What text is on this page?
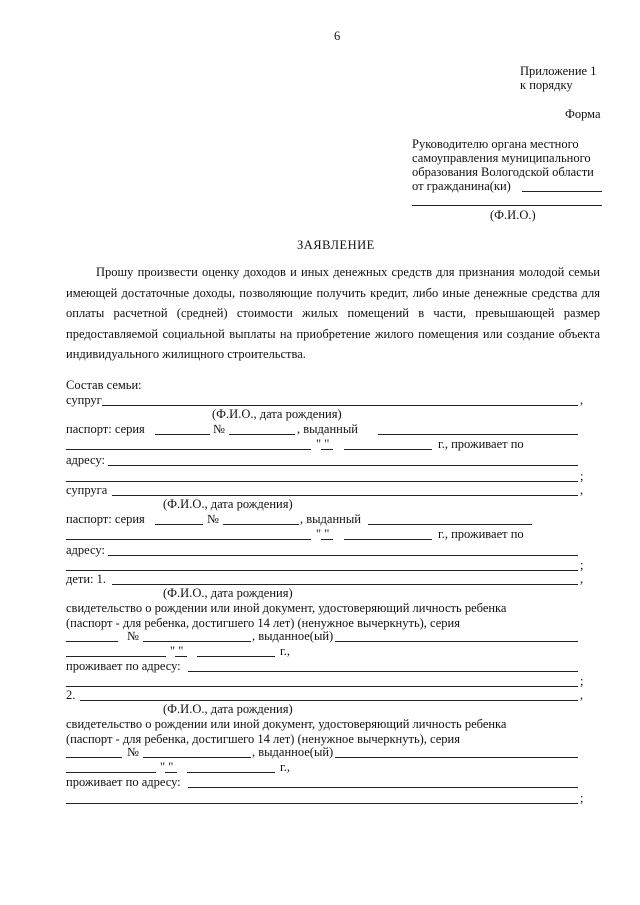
6
Приложение 1
к порядку
Форма
Руководителю органа местного
самоуправления муниципального
образования Вологодской области
от гражданина(ки)
(Ф.И.О.)
ЗАЯВЛЕНИЕ
Прошу произвести оценку доходов и иных денежных средств для признания молодой семьи имеющей достаточные доходы, позволяющие получить кредит, либо иные денежные средства для оплаты расчетной (средней) стоимости жилых помещений в части, превышающей размер предоставляемой социальной выплаты на приобретение жилого помещения или создание объекта индивидуального жилищного строительства.
Состав семьи:
супруг	,
(Ф.И.О., дата рождения)
паспорт: серия	№	, выданный
" "	г., проживает по
адресу:
;
супруга	,
(Ф.И.О., дата рождения)
паспорт: серия	№	, выданный
" "	г., проживает по
адресу:
;
дети: 1.	,
(Ф.И.О., дата рождения)
свидетельство о рождении или иной документ, удостоверяющий личность ребенка
(паспорт - для ребенка, достигшего 14 лет) (ненужное вычеркнуть), серия
№	, выданное(ый)
" "	г.,
проживает по адресу:
;
2.	,
(Ф.И.О., дата рождения)
свидетельство о рождении или иной документ, удостоверяющий личность ребенка
(паспорт - для ребенка, достигшего 14 лет) (ненужное вычеркнуть), серия
№	, выданное(ый)
" "	г.,
проживает по адресу:
;
